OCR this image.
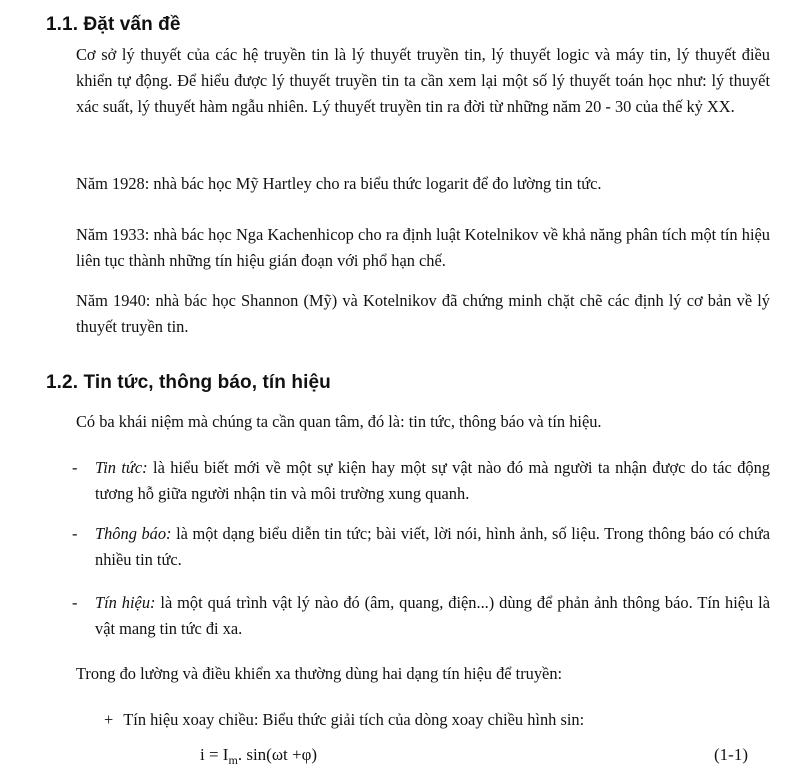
1.1. Đặt vấn đề

Cơ sở lý thuyết của các hệ truyền tin là lý thuyết truyền tin, lý thuyết logic và máy tin, lý thuyết điều khiển tự động. Để hiểu được lý thuyết truyền tin ta cần xem lại một số lý thuyết toán học như: lý thuyết xác suất, lý thuyết hàm ngẫu nhiên. Lý thuyết truyền tin ra đời từ những năm 20 - 30 của thế kỷ XX.

Năm 1928: nhà bác học Mỹ Hartley cho ra biểu thức logarit để đo lường tin tức.

Năm 1933: nhà bác học Nga Kachenhicop cho ra định luật Kotelnikov về khả năng phân tích một tín hiệu liên tục thành những tín hiệu gián đoạn với phổ hạn chế.

Năm 1940: nhà bác học Shannon (Mỹ) và Kotelnikov đã chứng minh chặt chẽ các định lý cơ bản về lý thuyết truyền tin.

1.2. Tin tức, thông báo, tín hiệu

Có ba khái niệm mà chúng ta cần quan tâm, đó là: tin tức, thông báo và tín hiệu.

- Tin tức: là hiểu biết mới về một sự kiện hay một sự vật nào đó mà người ta nhận được do tác động tương hỗ giữa người nhận tin và môi trường xung quanh.
- Thông báo: là một dạng biểu diễn tin tức; bài viết, lời nói, hình ảnh, số liệu. Trong thông báo có chứa nhiều tin tức.
- Tín hiệu: là một quá trình vật lý nào đó (âm, quang, điện...) dùng để phản ảnh thông báo. Tín hiệu là vật mang tin tức đi xa.

Trong đo lường và điều khiển xa thường dùng hai dạng tín hiệu để truyền:

+ Tín hiệu xoay chiều: Biểu thức giải tích của dòng xoay chiều hình sin:

$i = I_m$. sin(ωt +φ)	(1-1)
